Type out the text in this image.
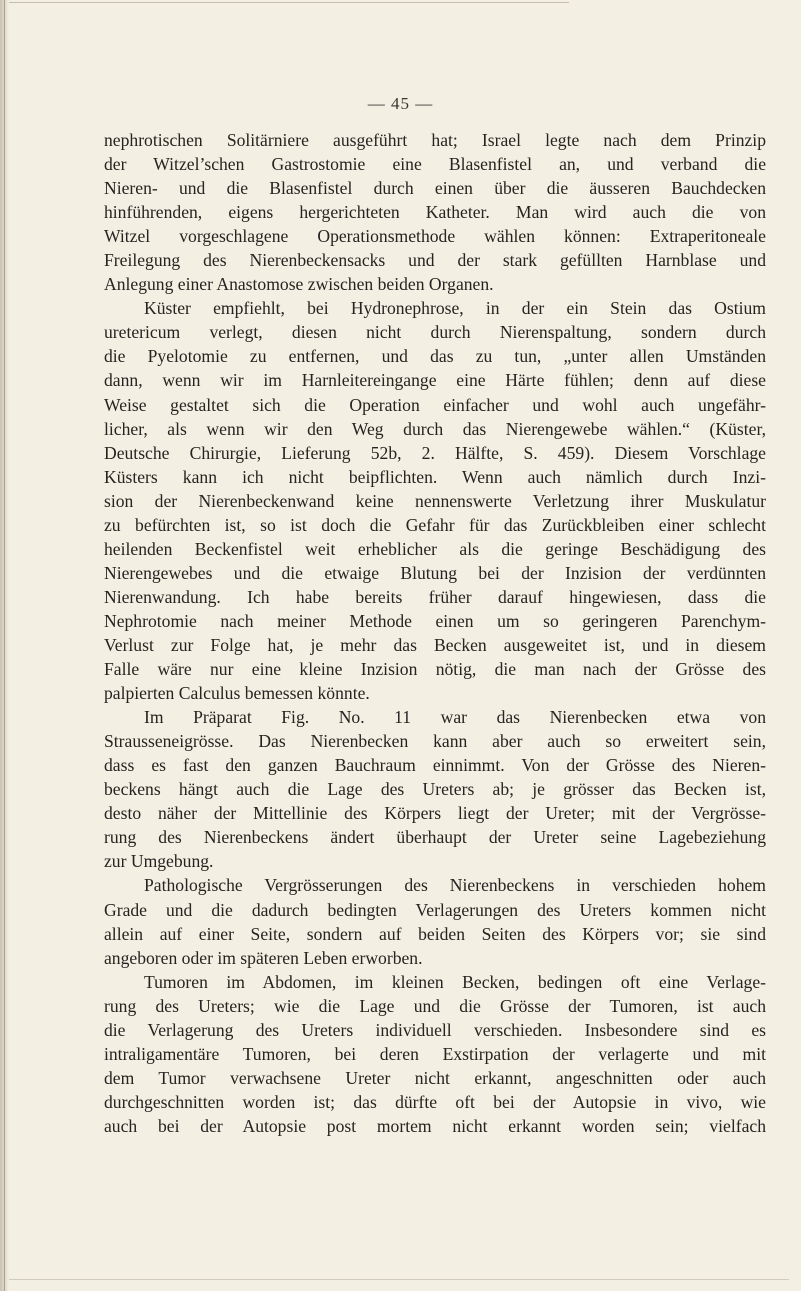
— 45 —
nephrotischen Solitärniere ausgeführt hat; Israel legte nach dem Prinzip
der Witzel’schen Gastrostomie eine Blasenfistel an, und verband die
Nieren- und die Blasenfistel durch einen über die äusseren Bauchdecken
hinführenden, eigens hergerichteten Katheter. Man wird auch die von
Witzel vorgeschlagene Operationsmethode wählen können: Extraperitoneale
Freilegung des Nierenbeckensacks und der stark gefüllten Harnblase und
Anlegung einer Anastomose zwischen beiden Organen.
Küster empfiehlt, bei Hydronephrose, in der ein Stein das Ostium
uretericum verlegt, diesen nicht durch Nierenspaltung, sondern durch
die Pyelotomie zu entfernen, und das zu tun, „unter allen Umständen
dann, wenn wir im Harnleitereingange eine Härte fühlen; denn auf diese
Weise gestaltet sich die Operation einfacher und wohl auch ungefähr-
licher, als wenn wir den Weg durch das Nierengewebe wählen.“ (Küster,
Deutsche Chirurgie, Lieferung 52b, 2. Hälfte, S. 459). Diesem Vorschlage
Küsters kann ich nicht beipflichten. Wenn auch nämlich durch Inzi-
sion der Nierenbeckenwand keine nennenswerte Verletzung ihrer Muskulatur
zu befürchten ist, so ist doch die Gefahr für das Zurückbleiben einer schlecht
heilenden Beckenfistel weit erheblicher als die geringe Beschädigung des
Nierengewebes und die etwaige Blutung bei der Inzision der verdünnten
Nierenwandung. Ich habe bereits früher darauf hingewiesen, dass die
Nephrotomie nach meiner Methode einen um so geringeren Parenchym-
Verlust zur Folge hat, je mehr das Becken ausgeweitet ist, und in diesem
Falle wäre nur eine kleine Inzision nötig, die man nach der Grösse des
palpierten Calculus bemessen könnte.
Im Präparat Fig. No. 11 war das Nierenbecken etwa von
Strausseneigrösse. Das Nierenbecken kann aber auch so erweitert sein,
dass es fast den ganzen Bauchraum einnimmt. Von der Grösse des Nieren-
beckens hängt auch die Lage des Ureters ab; je grösser das Becken ist,
desto näher der Mittellinie des Körpers liegt der Ureter; mit der Vergrösse-
rung des Nierenbeckens ändert überhaupt der Ureter seine Lagebeziehung
zur Umgebung.
Pathologische Vergrösserungen des Nierenbeckens in verschieden hohem
Grade und die dadurch bedingten Verlagerungen des Ureters kommen nicht
allein auf einer Seite, sondern auf beiden Seiten des Körpers vor; sie sind
angeboren oder im späteren Leben erworben.
Tumoren im Abdomen, im kleinen Becken, bedingen oft eine Verlage-
rung des Ureters; wie die Lage und die Grösse der Tumoren, ist auch
die Verlagerung des Ureters individuell verschieden. Insbesondere sind es
intraligamentäre Tumoren, bei deren Exstirpation der verlagerte und mit
dem Tumor verwachsene Ureter nicht erkannt, angeschnitten oder auch
durchgeschnitten worden ist; das dürfte oft bei der Autopsie in vivo, wie
auch bei der Autopsie post mortem nicht erkannt worden sein; vielfach
